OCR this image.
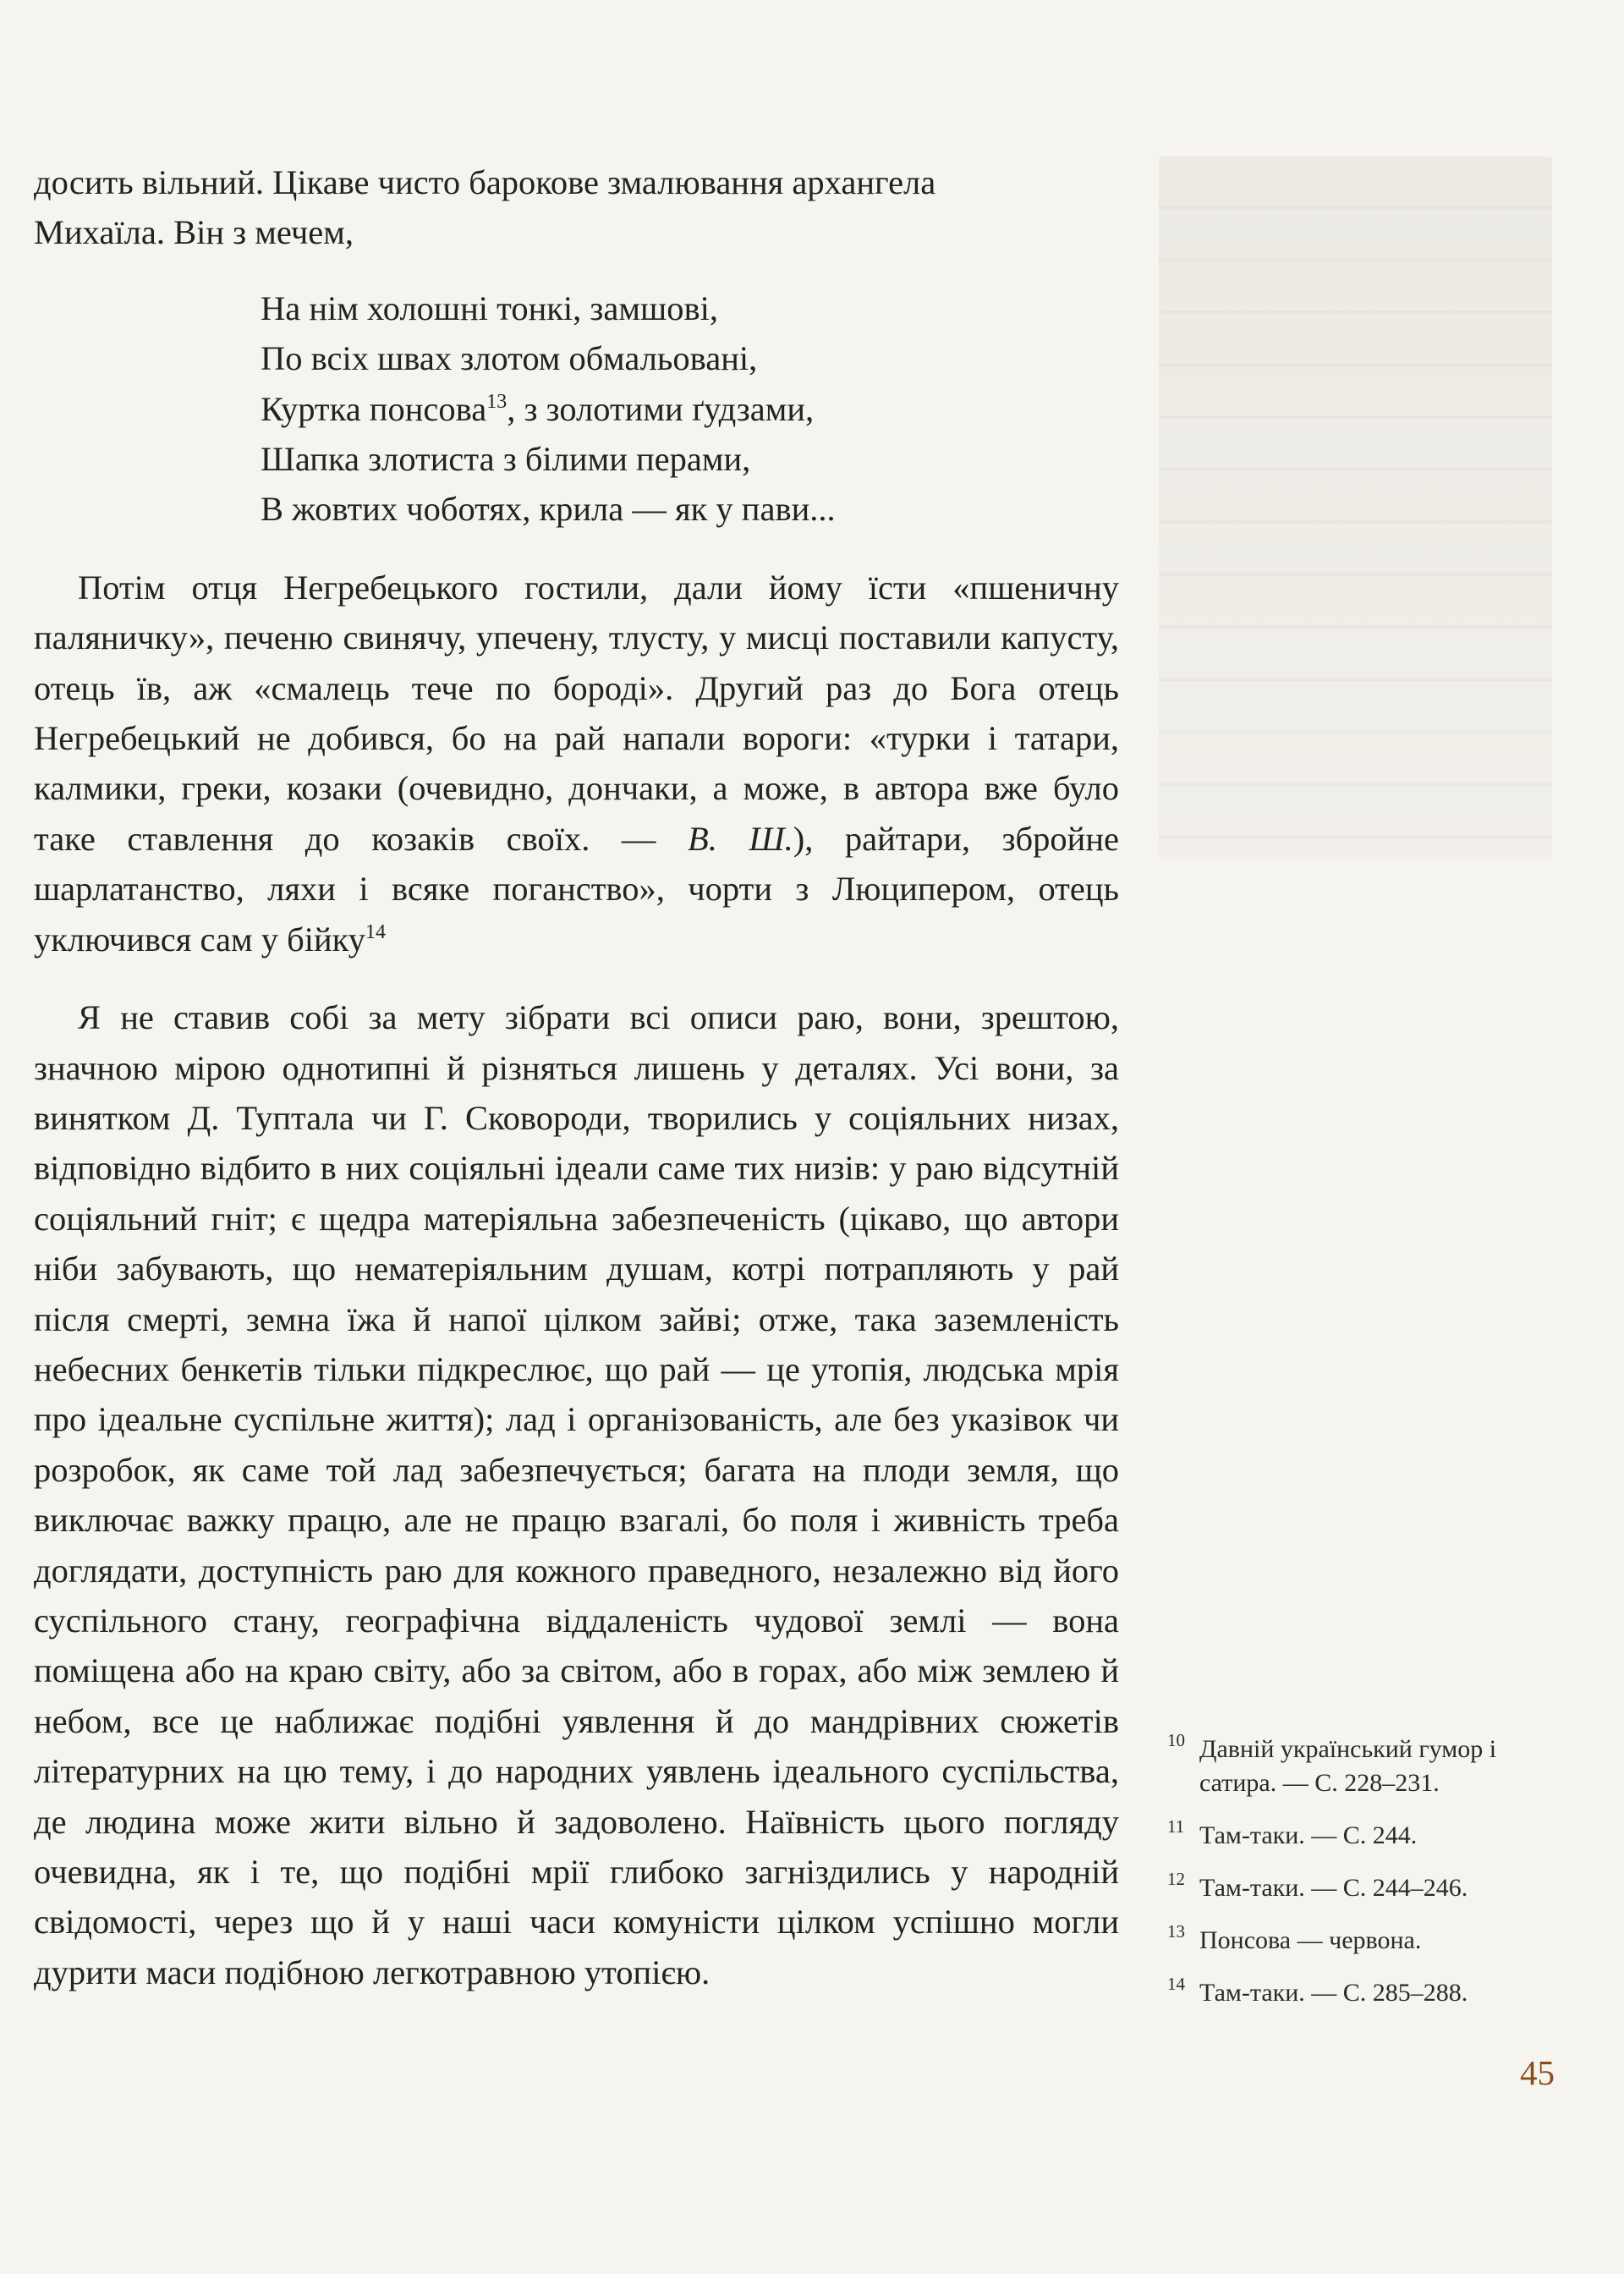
досить вільний. Цікаве чисто барокове змалювання архангела
Михаїла. Він з мечем,

На нім холошні тонкі, замшові,
По всіх швах злотом обмальовані,
Куртка понсова$^{13}$, з золотими ґудзами,
Шапка злотиста з білими перами,
В жовтих чоботях, крила — як у пави...

Потім отця Негребецького гостили, дали йому їсти «пшеничну паляничку», печеню свинячу, упечену, тлусту, у мисці поставили капусту, отець їв, аж «смалець тече по бороді». Другий раз до Бога отець Негребецький не добився, бо на рай напали вороги: «турки і татари, калмики, греки, козаки (очевидно, дончаки, а може, в автора вже було таке ставлення до козаків своїх. — В. Ш.), райтари, збройне шарлатанство, ляхи і всяке поганство», чорти з Люципером, отець уключився сам у бійку$^{14}$

Я не ставив собі за мету зібрати всі описи раю, вони, зрештою, значною мірою однотипні й різняться лишень у деталях. Усі вони, за винятком Д. Туптала чи Г. Сковороди, творились у соціяльних низах, відповідно відбито в них соціяльні ідеали саме тих низів: у раю відсутній соціяльний гніт; є щедра матеріяльна забезпеченість (цікаво, що автори ніби забувають, що нематеріяльним душам, котрі потрапляють у рай після смерті, земна їжа й напої цілком зайві; отже, така заземленість небесних бенкетів тільки підкреслює, що рай — це утопія, людська мрія про ідеальне суспільне життя); лад і організованість, але без указівок чи розробок, як саме той лад забезпечується; багата на плоди земля, що виключає важку працю, але не працю взагалі, бо поля і живність треба доглядати, доступність раю для кожного праведного, незалежно від його суспільного стану, географічна віддаленість чудової землі — вона поміщена або на краю світу, або за світом, або в горах, або між землею й небом, все це наближає подібні уявлення й до мандрівних сюжетів літературних на цю тему, і до народних уявлень ідеального суспільства, де людина може жити вільно й задоволено. Наївність цього погляду очевидна, як і те, що подібні мрії глибоко загніздились у народній свідомості, через що й у наші часи комуністи цілком успішно могли дурити маси подібною легкотравною утопією.

10 Давній український гумор і сатира. — С. 228–231.
11 Там-таки. — С. 244.
12 Там-таки. — С. 244–246.
13 Понсова — червона.
14 Там-таки. — С. 285–288.
45
